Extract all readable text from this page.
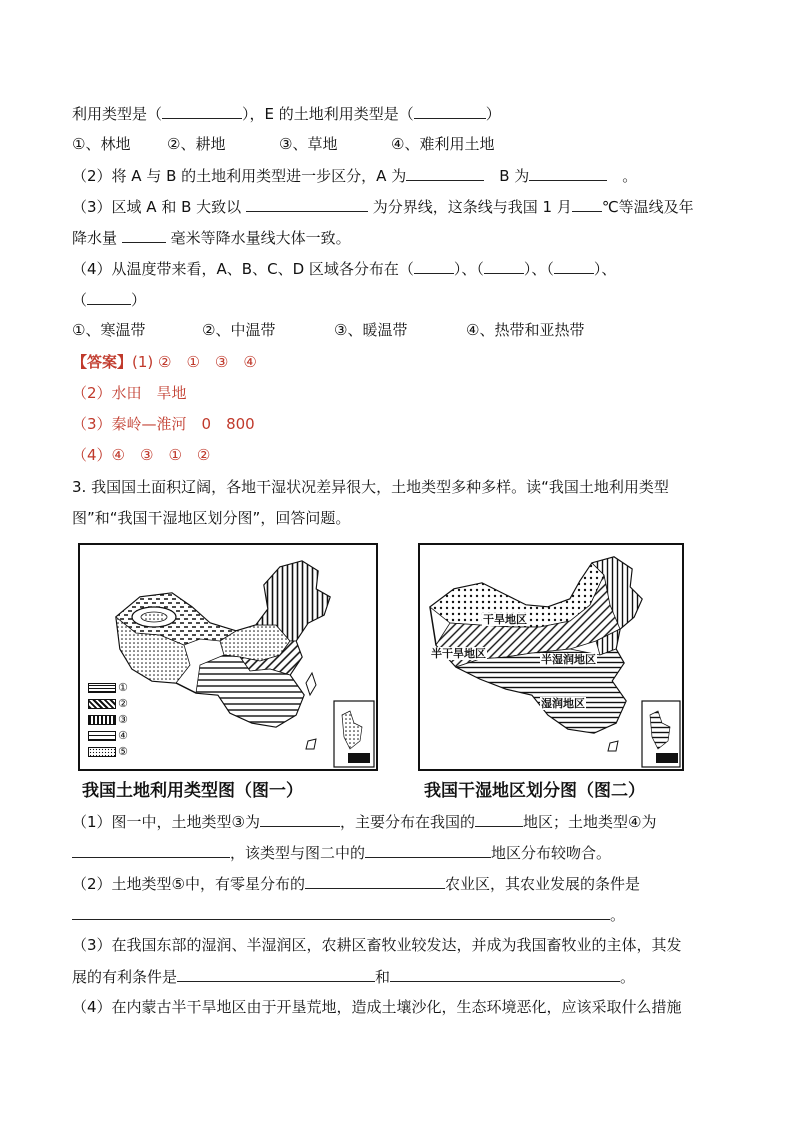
利用类型是（	），E 的土地利用类型是（	）
①、林地 ②、耕地	③、草地	④、难利用土地
（2）将 A 与 B 的土地利用类型进一步区分，A 为　	B 为　	。
（3）区域 A 和 B 大致以	为分界线，这条线与我国 1 月 ℃等温线及年
降水量	毫米等降水量线大体一致。
（4）从温度带来看，A、B、C、D 区域各分布在（	）、（	）、（	）、
（	）
①、寒温带	②、中温带	③、暖温带	④、热带和亚热带
【答案】(1) ②　①　③　④
（2）水田　旱地
（3）秦岭—淮河　0　800
（4）④　③　①　②
3. 我国国土面积辽阔，各地干湿状况差异很大，土地类型多种多样。读“我国土地利用类型
图”和“我国干湿地区划分图”，回答问题。
①
②
③
④
⑤
我国土地利用类型图（图一）
干旱地区
半干旱地区	半湿润地区
湿润地区
我国干湿地区划分图（图二）
（1）图一中，土地类型③为	，主要分布在我国的	地区；土地类型④为
，该类型与图二中的	地区分布较吻合。
（2）土地类型⑤中，有零星分布的	农业区，其农业发展的条件是
。
（3）在我国东部的湿润、半湿润区，农耕区畜牧业较发达，并成为我国畜牧业的主体，其发
展的有利条件是	和	。
（4）在内蒙古半干旱地区由于开垦荒地，造成土壤沙化，生态环境恶化，应该采取什么措施
